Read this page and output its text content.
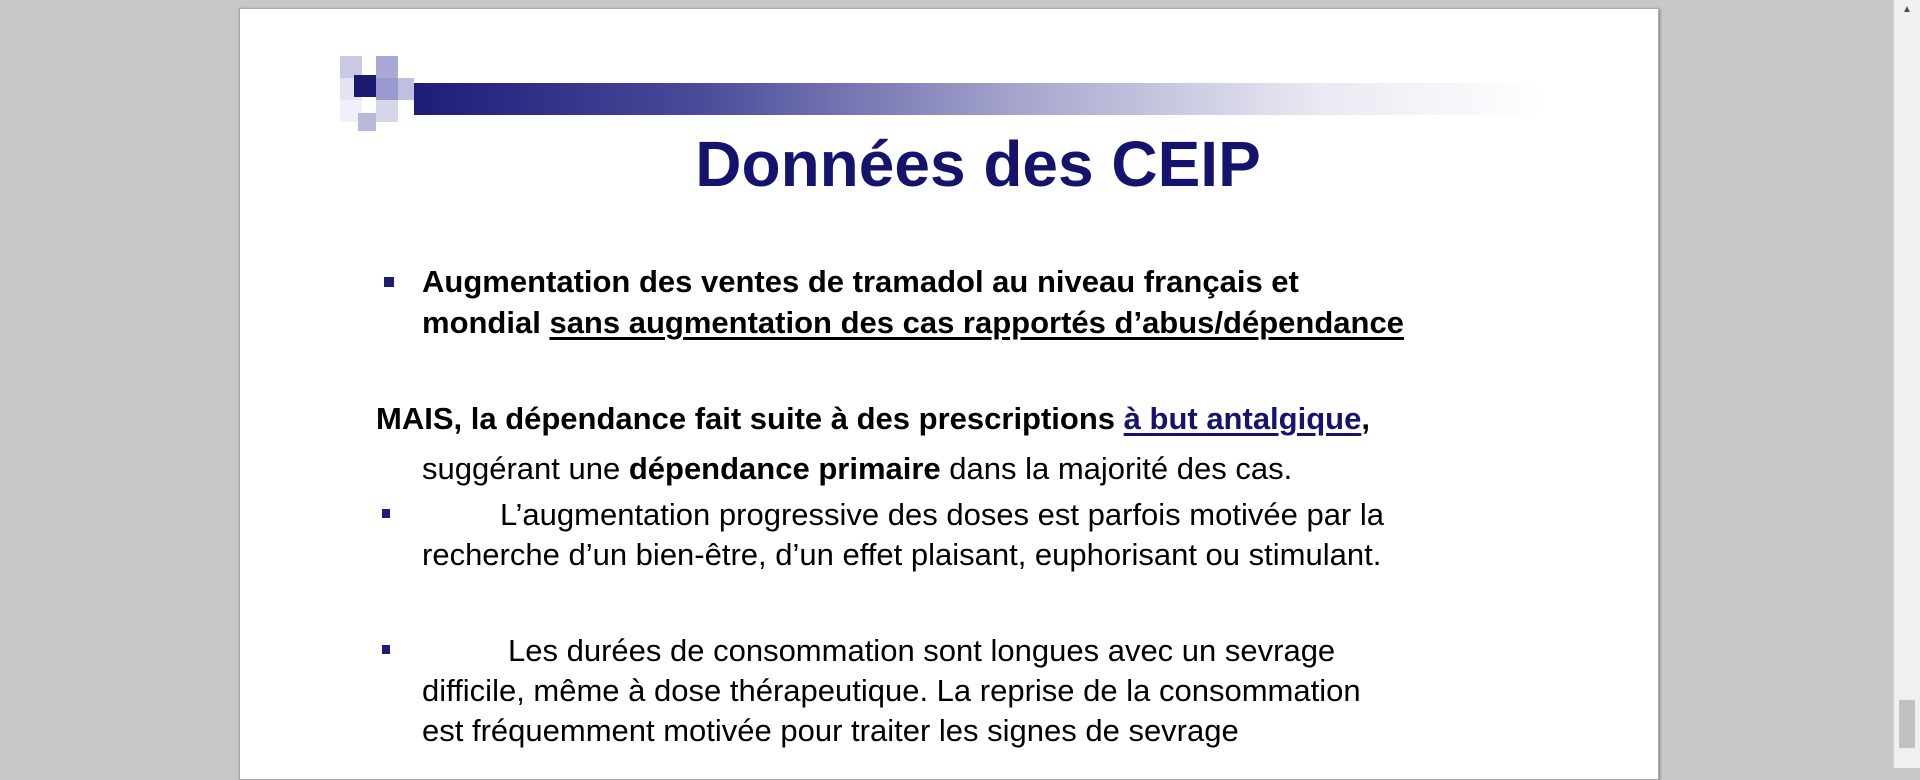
Données des CEIP
Augmentation des ventes de tramadol au niveau français et
mondial sans augmentation des cas rapportés d’abus/dépendance
MAIS, la dépendance fait suite à des prescriptions à but antalgique,
suggérant une dépendance primaire dans la majorité des cas.
L’augmentation progressive des doses est parfois motivée par la
recherche d’un bien-être, d’un effet plaisant, euphorisant ou stimulant.
Les durées de consommation sont longues avec un sevrage
difficile, même à dose thérapeutique. La reprise de la consommation
est fréquemment motivée pour traiter les signes de sevrage
▲
